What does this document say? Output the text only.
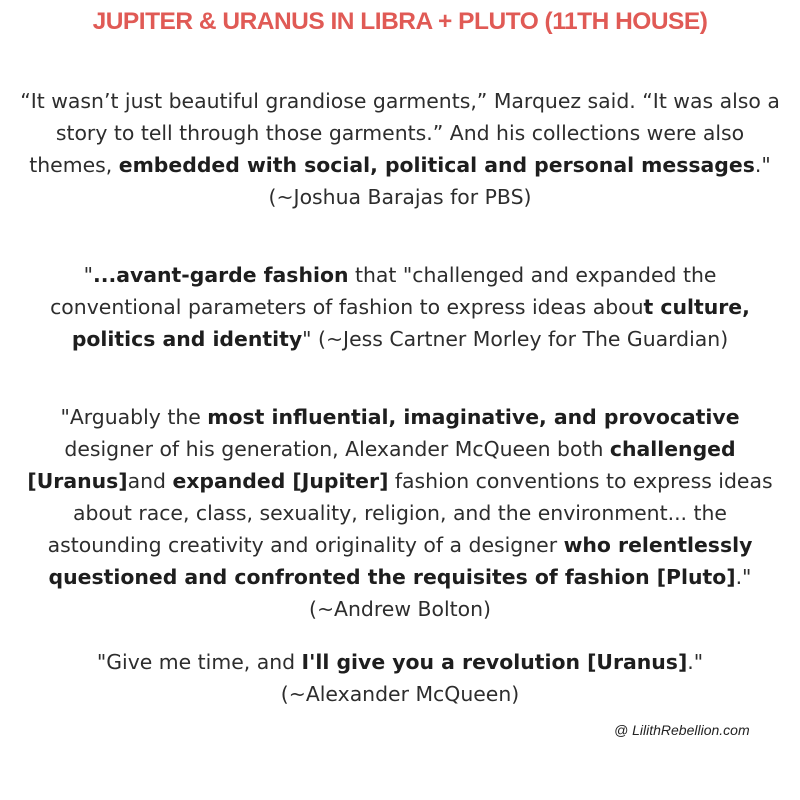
JUPITER & URANUS IN LIBRA + PLUTO (11TH HOUSE)
“It wasn’t just beautiful grandiose garments,” Marquez said. “It was also a story to tell through those garments.” And his collections were also themes, embedded with social, political and personal messages." (~Joshua Barajas for PBS)
"...avant-garde fashion that "challenged and expanded the conventional parameters of fashion to express ideas about culture, politics and identity" (~Jess Cartner Morley for The Guardian)
"Arguably the most influential, imaginative, and provocative designer of his generation, Alexander McQueen both challenged [Uranus]and expanded [Jupiter] fashion conventions to express ideas about race, class, sexuality, religion, and the environment... the astounding creativity and originality of a designer who relentlessly questioned and confronted the requisites of fashion [Pluto]." (~Andrew Bolton)
"Give me time, and I'll give you a revolution [Uranus]."
(~Alexander McQueen)
@ LilithRebellion.com
